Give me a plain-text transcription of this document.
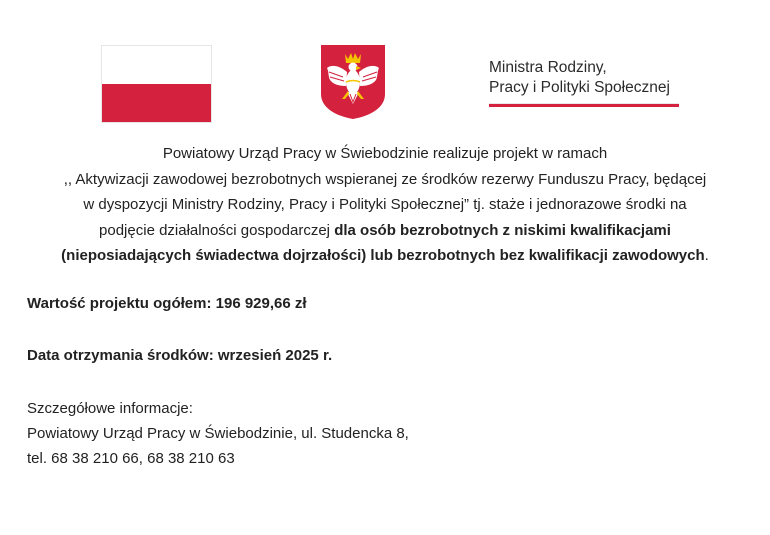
Ministra Rodziny,
Pracy i Polityki Społecznej
Powiatowy Urząd Pracy w Świebodzinie realizuje projekt w ramach
,, Aktywizacji zawodowej bezrobotnych wspieranej ze środków rezerwy Funduszu Pracy, będącej
w dyspozycji Ministry Rodziny, Pracy i Polityki Społecznej” tj. staże i jednorazowe środki na
podjęcie działalności gospodarczej dla osób bezrobotnych z niskimi kwalifikacjami
(nieposiadających świadectwa dojrzałości) lub bezrobotnych bez kwalifikacji zawodowych.
Wartość projektu ogółem: 196 929,66 zł
Data otrzymania środków: wrzesień 2025 r.
Szczegółowe informacje:
Powiatowy Urząd Pracy w Świebodzinie, ul. Studencka 8,
tel. 68 38 210 66, 68 38 210 63
